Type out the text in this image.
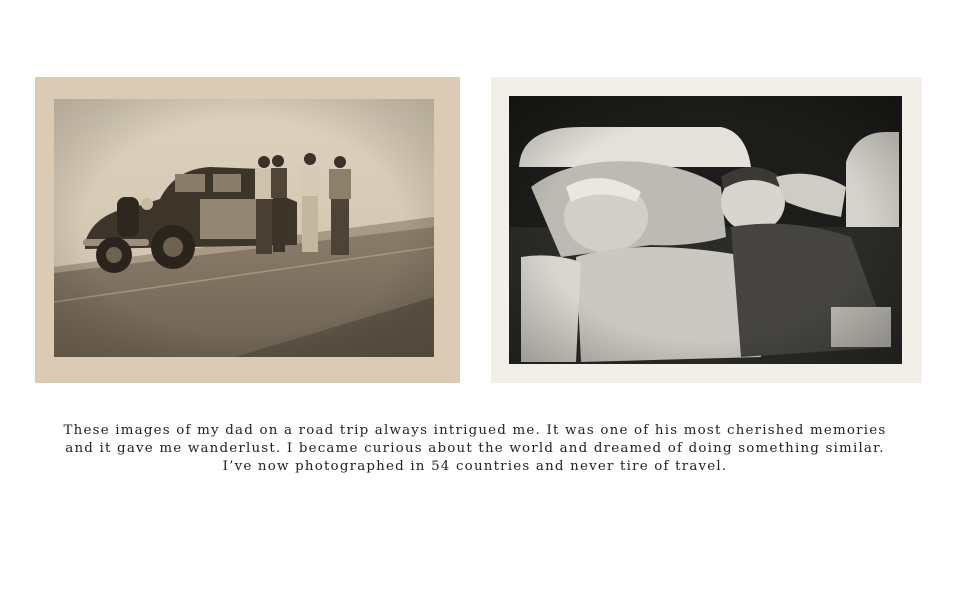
These images of my dad on a road trip always intrigued me. It was one of his most cherished memories
and it gave me wanderlust. I became curious about the world and dreamed of doing something similar.
I’ve now photographed in 54 countries and never tire of travel.
